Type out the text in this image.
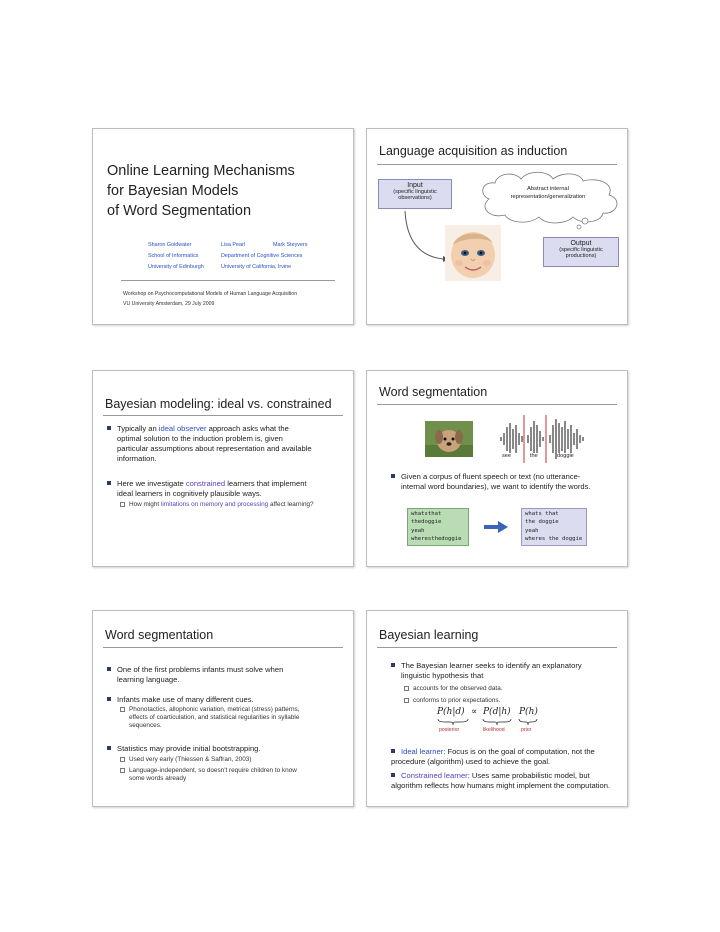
Online Learning Mechanisms
for Bayesian Models
of Word Segmentation
Sharon Goldwater
School of Informatics
University of Edinburgh
Lisa Pearl
Department of Cognitive Sciences
University of California, Irvine
Mark Steyvers
Workshop on Psychocomputational Models of Human Language Acquisition
VU University Amsterdam, 29 July 2009
Language acquisition as induction
Input
(specific linguistic
observations)
Abstract internal
representation/generalization
Output
(specific linguistic
productions)
Bayesian modeling: ideal vs. constrained
Typically an ideal observer approach asks what the
optimal solution to the induction problem is, given
particular assumptions about representation and available
information.
Here we investigate constrained learners that implement
ideal learners in cognitively plausible ways.
How might limitations on memory and processing affect learning?
Word segmentation
see	the	doggie
Given a corpus of fluent speech or text (no utterance-
internal word boundaries), we want to identify the words.
whatsthat
thedoggie
yeah
wheresthedoggie
whats that
the doggie
yeah
wheres the doggie
Word segmentation
One of the first problems infants must solve when
learning language.
Infants make use of many different cues.
Phonotactics, allophonic variation, metrical (stress) patterns,
effects of coarticulation, and statistical regularities in syllable
sequences.
Statistics may provide initial bootstrapping.
Used very early (Thiessen & Saffran, 2003)
Language-independent, so doesn't require children to know
some words already
Bayesian learning
The Bayesian learner seeks to identify an explanatory
linguistic hypothesis that
accounts for the observed data.
conforms to prior expectations.
P(h|d) ∝ P(d|h) P(h)
posterior	likelihood	prior
Ideal learner: Focus is on the goal of computation, not the
procedure (algorithm) used to achieve the goal.
Constrained learner: Uses same probabilistic model, but
algorithm reflects how humans might implement the computation.
